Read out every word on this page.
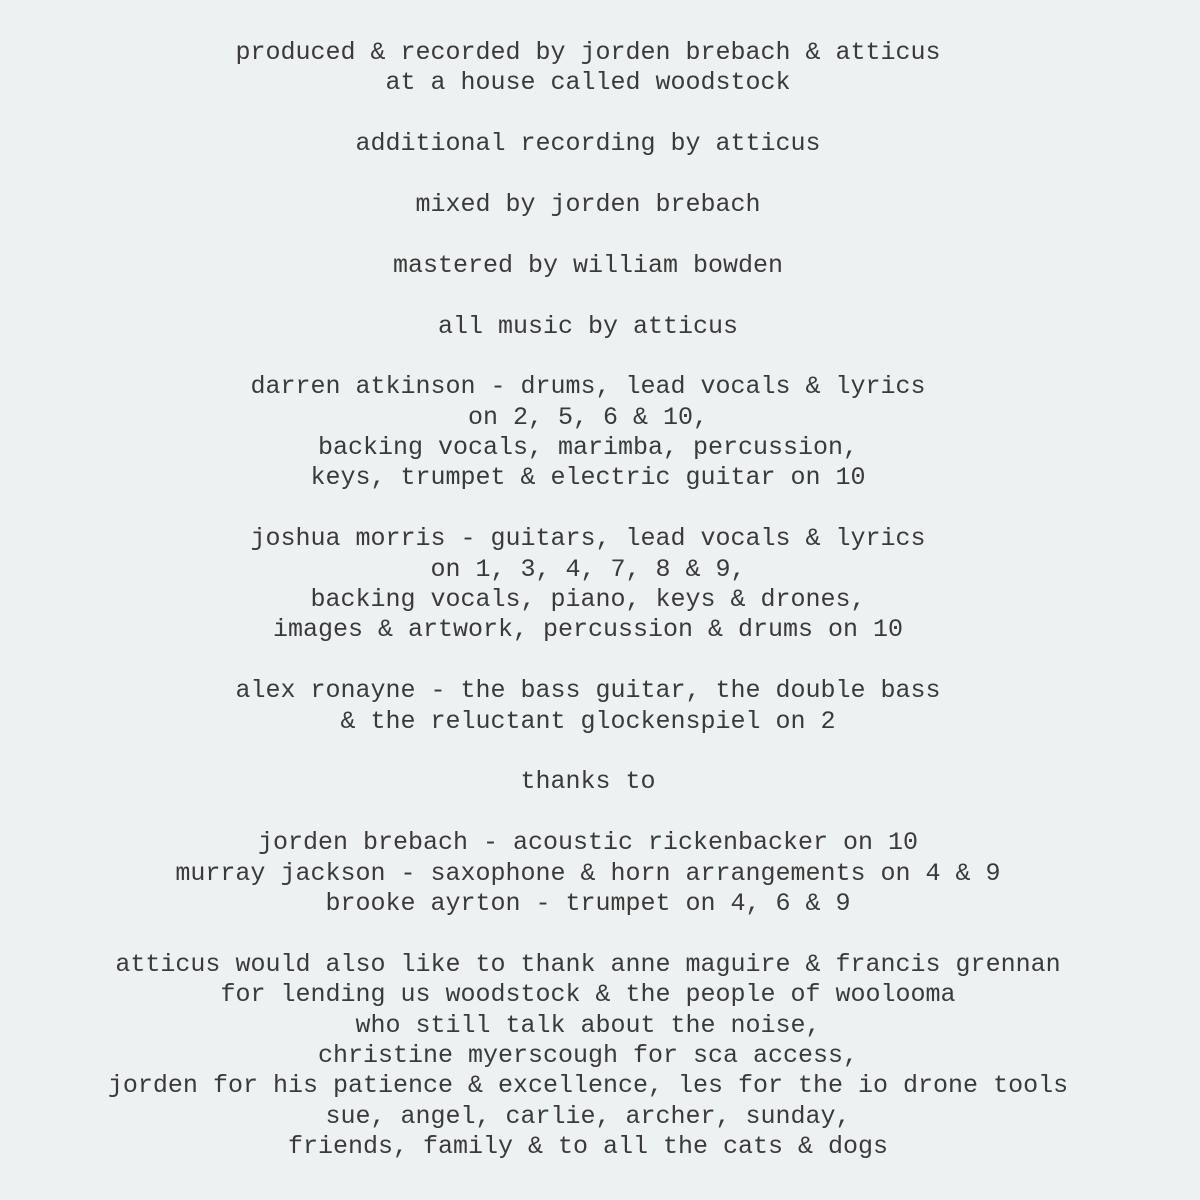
produced & recorded by jorden brebach & atticus
at a house called woodstock
additional recording by atticus
mixed by jorden brebach
mastered by william bowden
all music by atticus
darren atkinson - drums, lead vocals & lyrics
on 2, 5, 6 & 10,
backing vocals, marimba, percussion,
keys, trumpet & electric guitar on 10
joshua morris - guitars, lead vocals & lyrics
on 1, 3, 4, 7, 8 & 9,
backing vocals, piano, keys & drones,
images & artwork, percussion & drums on 10
alex ronayne - the bass guitar, the double bass
& the reluctant glockenspiel on 2
thanks to
jorden brebach - acoustic rickenbacker on 10
murray jackson - saxophone & horn arrangements on 4 & 9
brooke ayrton - trumpet on 4, 6 & 9
atticus would also like to thank anne maguire & francis grennan
for lending us woodstock & the people of woolooma
who still talk about the noise,
christine myerscough for sca access,
jorden for his patience & excellence, les for the io drone tools
sue, angel, carlie, archer, sunday,
friends, family & to all the cats & dogs
